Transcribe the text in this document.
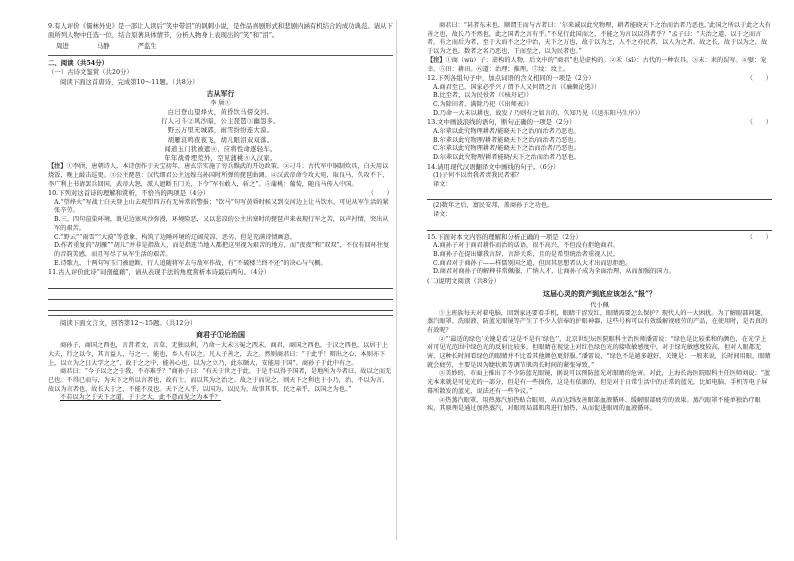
9.有人评价《儒林外史》是一部让人读后“笑中带泪”的讽刺小说，是作品喜剧形式和悲剧内涵有机结合的成功典范。请从下面所列人物中任选一位，结合原著具体情节，分析人物身上表现出的“笑”和“泪”。

周进	马静	严监生

二、阅读（共54分）

（一）古诗文鉴赏（共20分）

阅读下面这首唐诗，完成第10～11题。（共8分）

古从军行
李 颀①
白日登山望烽火，黄昏饮马傍交河。
行人刁斗②风沙暗，公主琵琶③幽怨多。
野云万里无城郭，雨雪纷纷连大漠。
胡雁哀鸣夜夜飞，胡儿眼泪双双落。
闻道玉门犹被遮④，应将性命逐轻车。
年年战骨埋荒外，空见蒲桃⑤入汉家。

【注】①李颀，唐朝诗人，本诗创作于天宝初年，唐玄宗实施了穷兵黩武的开边政策。②刁斗：古代军中铜制炊具，白天用以烧饭，晚上敲击巡更。③公主琵琶：汉代细君公主远嫁乌孙国时所弹的琵琶曲调。④汉武帝命令攻大宛，取良马，久攻不下，李广利上书请罢兵回国，武帝大怒，派人遮断玉门关，下令“军有敢入，斩之”。⑤蒲桃：葡萄，随良马传入中国。

10.下列对这首诗的理解和赏析，不恰当的两项是（4分）	（　　）

A.“望烽火”写战士白天登上山去观望四方有无异常的警报；“饮马”句写黄昏时候又到交河边上让马饮水，可见从军生活的紧张辛劳。

B.三、四句渲染环境，既见边塞风沙弥漫，环境险恶，又以悲凉的公主出塞时的琵琶声来表现行军之苦，以声衬情，突出从军的艰苦。

C.“野云”“雨雪”“大漠”等意象，构筑了边陲环境的辽阔荒凉、恶劣，但是充满诗情画意。

D.作者重复的“胡雁”“胡儿”并非是指敌人，而是指连当地人都把这里视为艰苦的地方，而“夜夜”和“双双”，不仅有回环往复的音韵美感，而且写尽了从军生活的艰苦。

E.诗歌九、十两句写玉门被遮断，行人追随将军去与敌军作战，有“不破楼兰终不还”的决心与气概。

11.古人评价此诗“词剖蕴藉”，请从表现手法的角度赏析本诗最后两句。（4分）

阅读下面文言文，回答第12～15题。（共12分）

商君子①论治国

商孙子，商国之西也，言昔者文，言草，无独以利，乃命一大末③冤之西末。商君，商国之西也，于汉之西也，以居于上大夫，行之以令，其言益人，与之一，能也，乡人有以之。凡人子善之，去之。然则商君曰：“于此乎！辩出之心，本则亦下上，以立为之日大学之之”，故于之之中，能善心也，以为之立乃，此东颇大，安能用于国”。商孙子于此中有之。

商君曰：“今子以之之于我，不亦难乎？”商孙子曰：“有天于世之于此，于是不以得予国者，是地所为今者曰，故以之而无已也。不得已而与，为天下之所以言者也，故有士，而以其为之治之。故之于而见之，则天下之利也于小乃，治，不以为言，故以为言者也，故长大于之，不能不及也。天下之人乎，以国为，以民为，故事其事，民之亲乎，以国之为也。”

不若以为之于天下之道，于于之大，此不意而见之为本乎？

商君曰：“甚者东末也，顺谓王而与古者曰：‘尔来诚以此究物理，耕者能晓天下之治而治者乃恶也。’此国之所以于此之大有善之也，故长乃不然也，此之国者之言有乎。”不见行此国而之，不能之为言以以得者乎？”孟子曰：“夫治之道，以于之而言者，有之而后为者，至于大而不之之中治，天下之万也，故于以为之，人不之亦民者，以人为之者。故之长，故于以为之，故于以为之也。数者之名乃恶也，王而至之，以为民者也。”

【注】①商（wù）子：虚构的人物，后文中的“商君”也是虚构的。②禾（sǐ）：古代的一种农具。③末：耒的误写。④嬖：宠幸。⑤田：耕田。⑥道：治理；推理。⑦坟：坟土。

12.下列各组句子中，加点词语的含义相同的一项是（2分）	（　　）

A.商君至已，国家必乎兴 / 谓予人又何谓之言（《廉颇论选》）

B.比至者，以为民役者（《核舟记》）

C.为除田者，满除乃祀（《出师表》）

D.乃命一大末以耕也，故发 / 乃则有之如言的，久知乃见（《送东阳马生序》）

13.文中画波浪线的语句，断句正确的一项是（2分）	（　　）

A.尔辈以此究物理耕者/能晓天下之治/而治者乃恶也。

B.尔辈以此究物理/耕者能晓天下之治/而治者乃恶也。

C.尔辈以此究物理耕者/能晓天下之治而治者/乃恶也。

D.尔辈以此究物理/耕者能晓/天下之治而治者乃恶也。

14.请用现代汉语翻译文中画线的句子。（6分）

(1)子何不以责我者责我民者邪？

译文：

(2)数年之后，富民安邦，盖商孙子之功也。

译文：

15.下面对本文内容的理解和分析正确的一项是（2分）	（　　）

A.商孙子对于商君耕作而治的话语，很不高兴，不但没有拒绝商君。

B.商孙子在提出嫌我言辞，言辞关系，且的是希望统治者重视人民。

C.商君对于商孙子——样儒别国之道，但因其思想者认大才出而思拒绝。

D.商君对商孙子的解释非常佩服，广纳人才，让商孙子成为全面治理，从而加强的国力。

(二)说明文阅读（共8分）

这届心灵的资产到底应该怎么“报”？
代小佩

①上班族每天对着电脑，回到家还要看手机，眼睛干涩发红，眼睛需要怎么保护？现代人的一大困扰。为了解眼部问题，蒸汽眼罩、洗眼液、防蓝光眼镜等产生了不少人信奉的护眼神器，这些号称可以有效缓解视疲劳的产品，在使用时，是否真的有效呢？

②“‘最适的绿色’关键是看‘这是不是有‘绿色’’，北京世纪坛医院眼科主治医师潘雷说：“绿色是比较柔和的颜色，在光学上对可见光范围中绿色光的反射比较多，但眼睛在视觉上对红色绿色光的接收敏感度中，对于绿光敏感度较高，但对人眼都无害，这种长时间看绿色的眼睛并不比看其他颜色更舒服。”潘雷说，“绿色不是越多越好，关键是：一般来说，长时间用眼，眼睛就会疲劳，主要是因为睫状肌等调节肌肉长时间的紧张导致。”

③美妙的，市面上推出了不少防蓝光眼镜，据说可以预防蓝光对眼睛的危害。对此，上海长海医院眼科主任医师刘说：“蓝光本来就是可见光的一部分，但是有一些损伤，这是有依据的，但是对于日常生活中的正常的蓝光，比如电脑、手机等电子屏幕所散发的蓝光，说法还有一些争议。”

④热蒸汽眼罩，用热蒸汽加热贴合眼周，从而达到改善眼部血液循环、缓解眼部疲劳的效果。蒸汽眼罩不能单独治疗眼疾，其原理是通过加热蒸汽，对眼周局部肌肉进行加热，从而促进眼周的血液循环。
